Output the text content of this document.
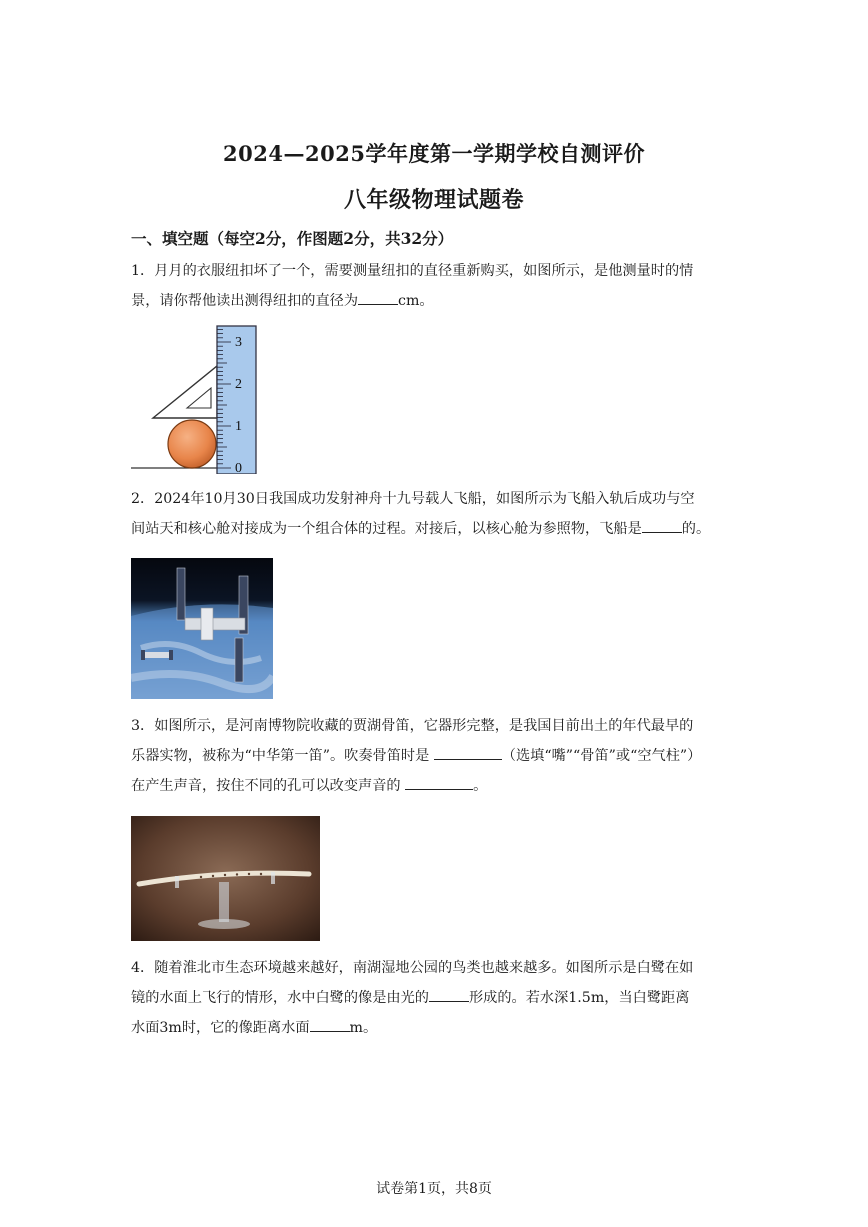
2024—2025学年度第一学期学校自测评价
八年级物理试题卷
一、填空题（每空2分，作图题2分，共32分）
1．月月的衣服纽扣坏了一个，需要测量纽扣的直径重新购买，如图所示，是他测量时的情
景，请你帮他读出测得纽扣的直径为	cm。
0
1
2
3
2．2024年10月30日我国成功发射神舟十九号载人飞船，如图所示为飞船入轨后成功与空
间站天和核心舱对接成为一个组合体的过程。对接后，以核心舱为参照物，飞船是	的。
3．如图所示，是河南博物院收藏的贾湖骨笛，它器形完整，是我国目前出土的年代最早的
乐器实物，被称为“中华第一笛”。吹奏骨笛时是	（选填“嘴”“骨笛”或“空气柱”）
在产生声音，按住不同的孔可以改变声音的	。
4．随着淮北市生态环境越来越好，南湖湿地公园的鸟类也越来越多。如图所示是白鹭在如
镜的水面上飞行的情形，水中白鹭的像是由光的	形成的。若水深1.5m，当白鹭距离
水面3m时，它的像距离水面	m。
试卷第1页，共8页
